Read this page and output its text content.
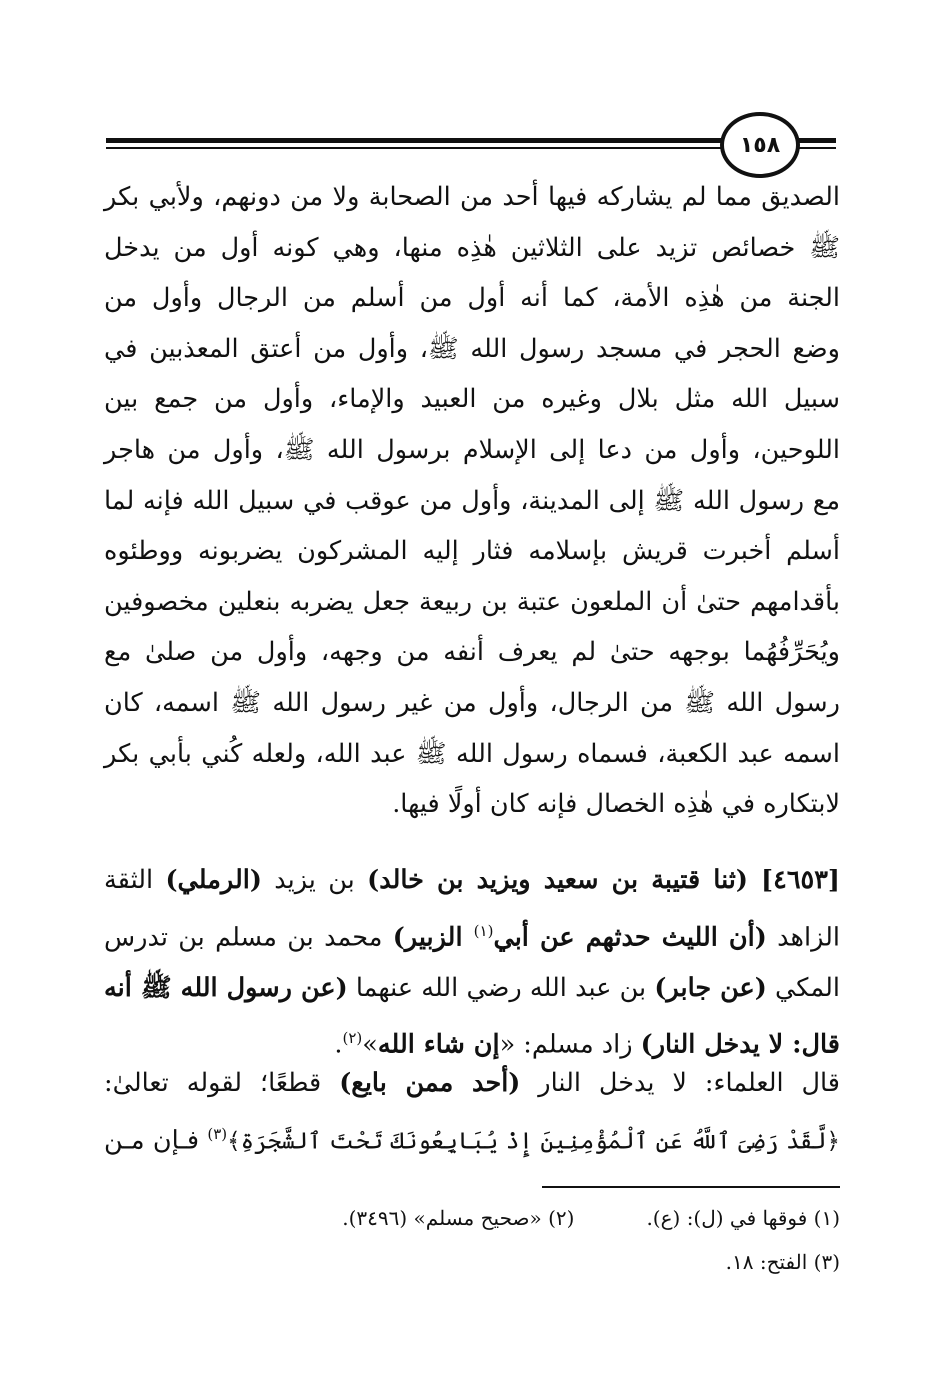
١٥٨
الصديق مما لم يشاركه فيها أحد من الصحابة ولا من دونهم، ولأبي بكر
ﷺ خصائص تزيد على الثلاثين هٰذِه منها، وهي كونه أول من يدخل
الجنة من هٰذِه الأمة، كما أنه أول من أسلم من الرجال وأول من
وضع الحجر في مسجد رسول الله ﷺ، وأول من أعتق المعذبين في
سبيل الله مثل بلال وغيره من العبيد والإماء، وأول من جمع بين
اللوحين، وأول من دعا إلى الإسلام برسول الله ﷺ، وأول من هاجر
مع رسول الله ﷺ إلى المدينة، وأول من عوقب في سبيل الله فإنه لما
أسلم أخبرت قريش بإسلامه فثار إليه المشركون يضربونه ووطئوه
بأقدامهم حتىٰ أن الملعون عتبة بن ربيعة جعل يضربه بنعلين مخصوفين
ويُحَرِّفُهُما بوجهه حتىٰ لم يعرف أنفه من وجهه، وأول من صلىٰ مع
رسول الله ﷺ من الرجال، وأول من غير رسول الله ﷺ اسمه، كان
اسمه عبد الكعبة، فسماه رسول الله ﷺ عبد الله، ولعله كُني بأبي بكر
لابتكاره في هٰذِه الخصال فإنه كان أولًا فيها.
[٤٦٥٣] (ثنا قتيبة بن سعيد ويزيد بن خالد) بن يزيد (الرملي) الثقة
الزاهد (أن الليث حدثهم عن أبي$^{(١)}$ الزبير) محمد بن مسلم بن تدرس
المكي (عن جابر) بن عبد الله رضي الله عنهما (عن رسول الله ﷺ أنه
قال: لا يدخل النار) زاد مسلم: «إن شاء الله»$^{(٢)}$.
قال العلماء: لا يدخل النار (أحد ممن بايع) قطعًا؛ لقوله تعالىٰ:
﴿لَّقَدْ رَضِىَ ٱللَّهُ عَنِ ٱلْمُؤْمِنِينَ إِذْ يُبَايِعُونَكَ تَحْتَ ٱلشَّجَرَةِ﴾$^{(٣)}$ فـإن مـن
(١) فوقها في (ل): (ع).
(٢) «صحيح مسلم» (٣٤٩٦).
(٣) الفتح: ١٨.
